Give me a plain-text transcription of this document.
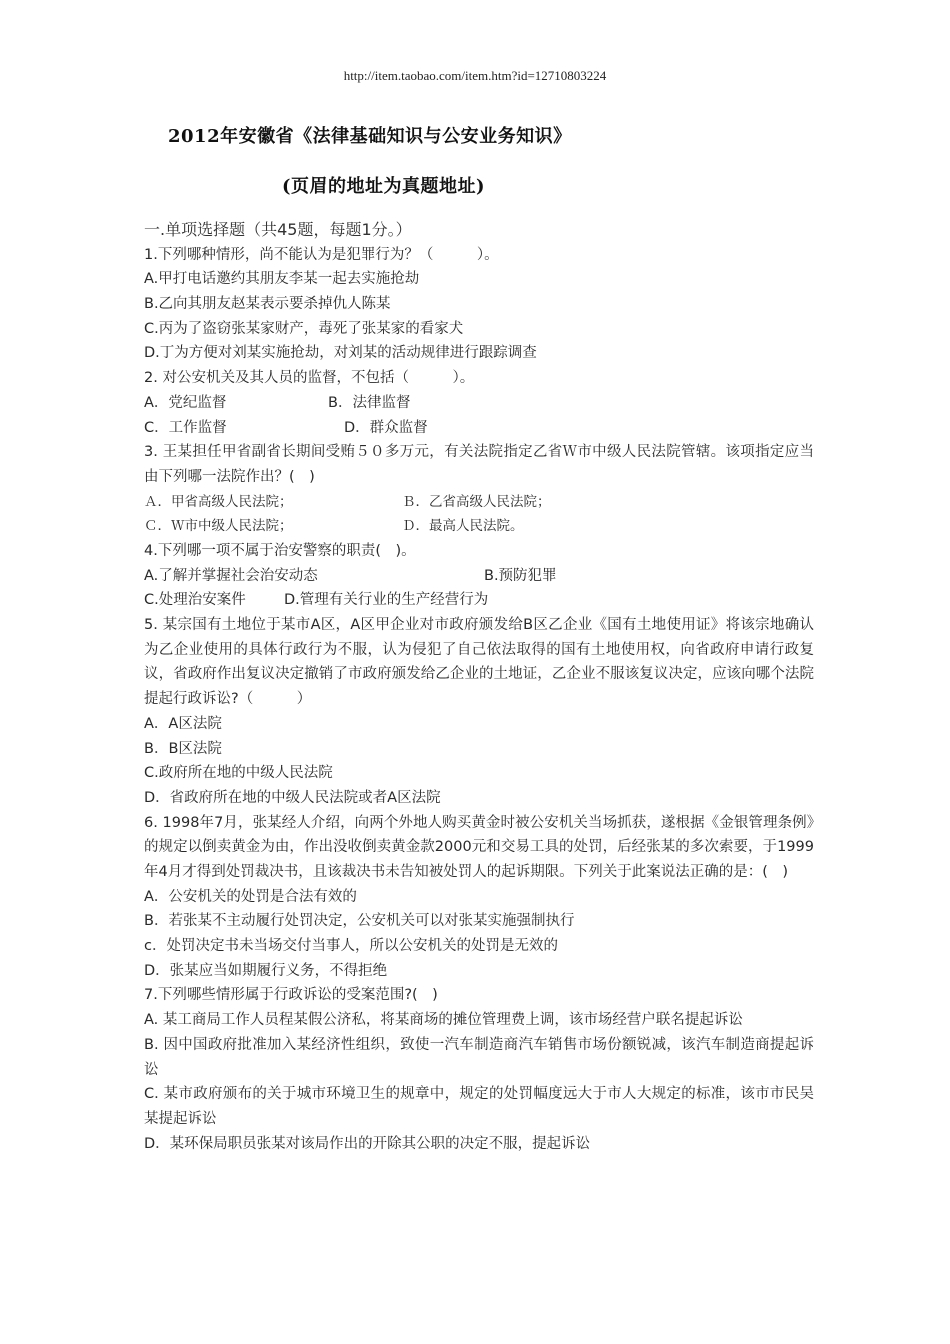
http://item.taobao.com/item.htm?id=12710803224
2012年安徽省《法律基础知识与公安业务知识》
(页眉的地址为真题地址)
一.单项选择题（共45题，每题1分。）
1.下列哪种情形，尚不能认为是犯罪行为？（　　　）。
A.甲打电话邀约其朋友李某一起去实施抢劫
B.乙向其朋友赵某表示要杀掉仇人陈某
C.丙为了盗窃张某家财产，毒死了张某家的看家犬
D.丁为方便对刘某实施抢劫，对刘某的活动规律进行跟踪调查
2. 对公安机关及其人员的监督，不包括（　　　）。
A．党纪监督	B．法律监督
C．工作监督	D．群众监督
3. 王某担任甲省副省长期间受贿５０多万元，有关法院指定乙省Ｗ市中级人民法院管辖。该项指定应当由下列哪一法院作出？(　)
Ａ．甲省高级人民法院；	Ｂ．乙省高级人民法院；
Ｃ．Ｗ市中级人民法院；	Ｄ．最高人民法院。
4.下列哪一项不属于治安警察的职责(　)。
A.了解并掌握社会治安动态	B.预防犯罪
C.处理治安案件	D.管理有关行业的生产经营行为
5. 某宗国有土地位于某市A区，A区甲企业对市政府颁发给B区乙企业《国有土地使用证》将该宗地确认为乙企业使用的具体行政行为不服，认为侵犯了自己依法取得的国有土地使用权，向省政府申请行政复议，省政府作出复议决定撤销了市政府颁发给乙企业的土地证，乙企业不服该复议决定，应该向哪个法院提起行政诉讼?（　　　）
A．A区法院
B．B区法院
C.政府所在地的中级人民法院
D．省政府所在地的中级人民法院或者A区法院
6. 1998年7月，张某经人介绍，向两个外地人购买黄金时被公安机关当场抓获，遂根据《金银管理条例》的规定以倒卖黄金为由，作出没收倒卖黄金款2000元和交易工具的处罚，后经张某的多次索要，于1999年4月才得到处罚裁决书，且该裁决书未告知被处罚人的起诉期限。下列关于此案说法正确的是：(　)
A．公安机关的处罚是合法有效的
B．若张某不主动履行处罚决定，公安机关可以对张某实施强制执行
c．处罚决定书未当场交付当事人，所以公安机关的处罚是无效的
D．张某应当如期履行义务，不得拒绝
7.下列哪些情形属于行政诉讼的受案范围?(　)
A. 某工商局工作人员程某假公济私，将某商场的摊位管理费上调，该市场经营户联名提起诉讼
B. 因中国政府批准加入某经济性组织，致使一汽车制造商汽车销售市场份额锐减，该汽车制造商提起诉讼
C. 某市政府颁布的关于城市环境卫生的规章中，规定的处罚幅度远大于市人大规定的标准，该市市民吴某提起诉讼
D．某环保局职员张某对该局作出的开除其公职的决定不服，提起诉讼
